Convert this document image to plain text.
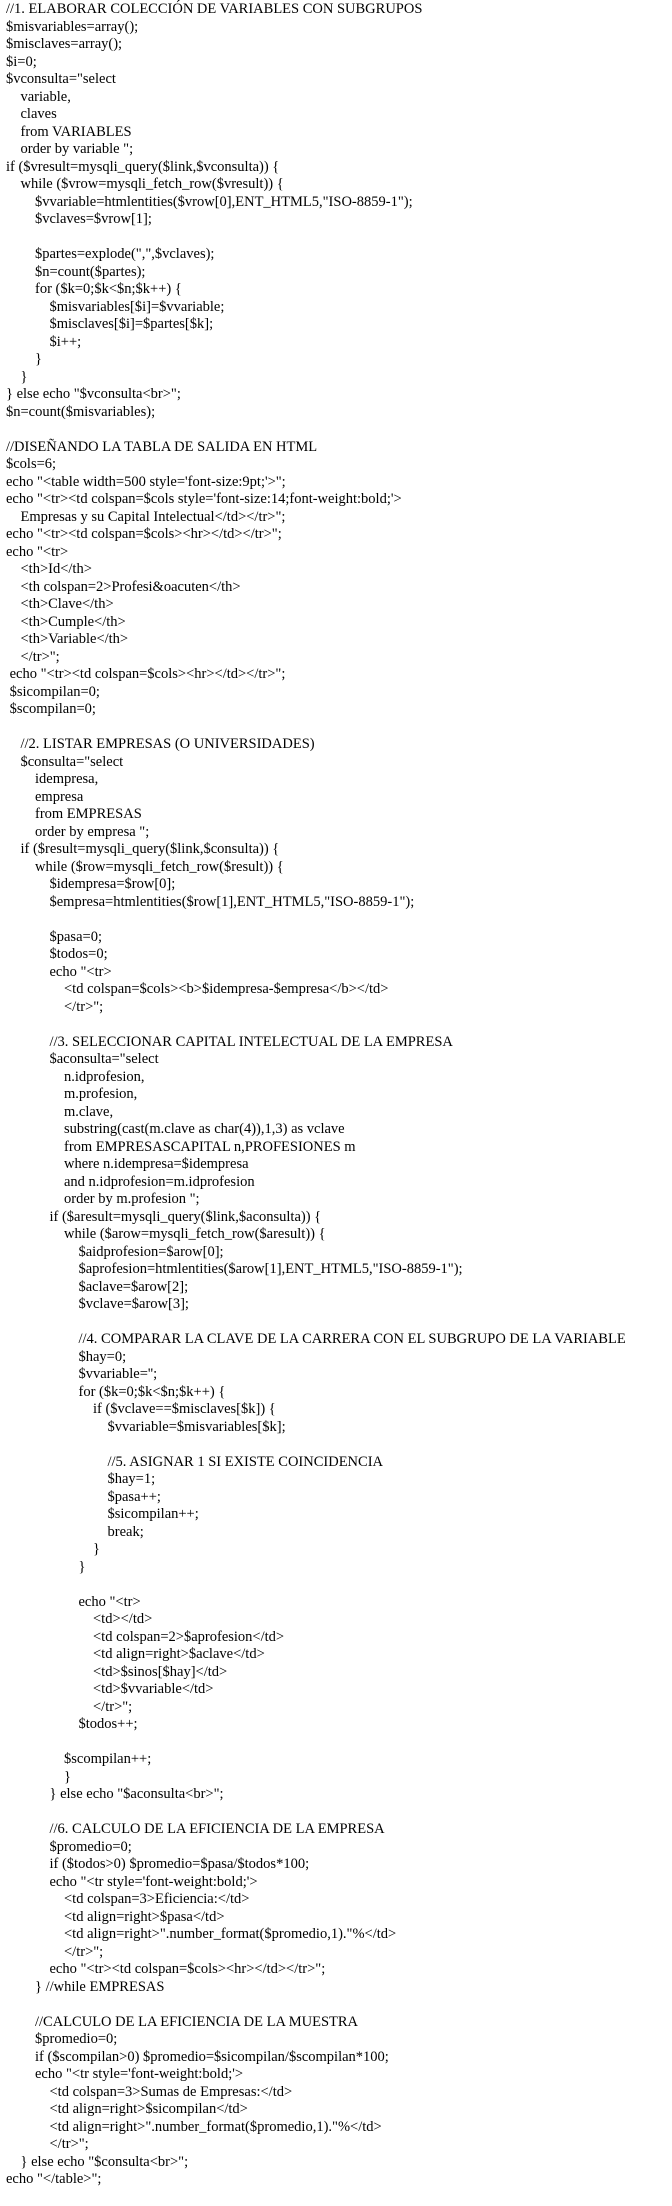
//1. ELABORAR COLECCIÓN DE VARIABLES CON SUBGRUPOS
$misvariables=array();
$misclaves=array();
$i=0;
$vconsulta="select
variable,
claves
from VARIABLES
order by variable ";
if ($vresult=mysqli_query($link,$vconsulta)) {
while ($vrow=mysqli_fetch_row($vresult)) {
$vvariable=htmlentities($vrow[0],ENT_HTML5,"ISO-8859-1");
$vclaves=$vrow[1];
$partes=explode(",",$vclaves);
$n=count($partes);
for ($k=0;$k<$n;$k++) {
$misvariables[$i]=$vvariable;
$misclaves[$i]=$partes[$k];
$i++;
}
}
} else echo "$vconsulta<br>";
$n=count($misvariables);
//DISEÑANDO LA TABLA DE SALIDA EN HTML
$cols=6;
echo "<table width=500 style='font-size:9pt;'>";
echo "<tr><td colspan=$cols style='font-size:14;font-weight:bold;'>
Empresas y su Capital Intelectual</td></tr>";
echo "<tr><td colspan=$cols><hr></td></tr>";
echo "<tr>
<th>Id</th>
<th colspan=2>Profesi&oacuten</th>
<th>Clave</th>
<th>Cumple</th>
<th>Variable</th>
</tr>";
echo "<tr><td colspan=$cols><hr></td></tr>";
$sicompilan=0;
$scompilan=0;
//2. LISTAR EMPRESAS (O UNIVERSIDADES)
$consulta="select
idempresa,
empresa
from EMPRESAS
order by empresa ";
if ($result=mysqli_query($link,$consulta)) {
while ($row=mysqli_fetch_row($result)) {
$idempresa=$row[0];
$empresa=htmlentities($row[1],ENT_HTML5,"ISO-8859-1");
$pasa=0;
$todos=0;
echo "<tr>
<td colspan=$cols><b>$idempresa-$empresa</b></td>
</tr>";
//3. SELECCIONAR CAPITAL INTELECTUAL DE LA EMPRESA
$aconsulta="select
n.idprofesion,
m.profesion,
m.clave,
substring(cast(m.clave as char(4)),1,3) as vclave
from EMPRESASCAPITAL n,PROFESIONES m
where n.idempresa=$idempresa
and n.idprofesion=m.idprofesion
order by m.profesion ";
if ($aresult=mysqli_query($link,$aconsulta)) {
while ($arow=mysqli_fetch_row($aresult)) {
$aidprofesion=$arow[0];
$aprofesion=htmlentities($arow[1],ENT_HTML5,"ISO-8859-1");
$aclave=$arow[2];
$vclave=$arow[3];
//4. COMPARAR LA CLAVE DE LA CARRERA CON EL SUBGRUPO DE LA VARIABLE
$hay=0;
$vvariable='';
for ($k=0;$k<$n;$k++) {
if ($vclave==$misclaves[$k]) {
$vvariable=$misvariables[$k];
//5. ASIGNAR 1 SI EXISTE COINCIDENCIA
$hay=1;
$pasa++;
$sicompilan++;
break;
}
}
echo "<tr>
<td></td>
<td colspan=2>$aprofesion</td>
<td align=right>$aclave</td>
<td>$sinos[$hay]</td>
<td>$vvariable</td>
</tr>";
$todos++;
$scompilan++;
}
} else echo "$aconsulta<br>";
//6. CALCULO DE LA EFICIENCIA DE LA EMPRESA
$promedio=0;
if ($todos>0) $promedio=$pasa/$todos*100;
echo "<tr style='font-weight:bold;'>
<td colspan=3>Eficiencia:</td>
<td align=right>$pasa</td>
<td align=right>".number_format($promedio,1)."%</td>
</tr>";
echo "<tr><td colspan=$cols><hr></td></tr>";
} //while EMPRESAS
//CALCULO DE LA EFICIENCIA DE LA MUESTRA
$promedio=0;
if ($scompilan>0) $promedio=$sicompilan/$scompilan*100;
echo "<tr style='font-weight:bold;'>
<td colspan=3>Sumas de Empresas:</td>
<td align=right>$sicompilan</td>
<td align=right>".number_format($promedio,1)."%</td>
</tr>";
} else echo "$consulta<br>";
echo "</table>";
